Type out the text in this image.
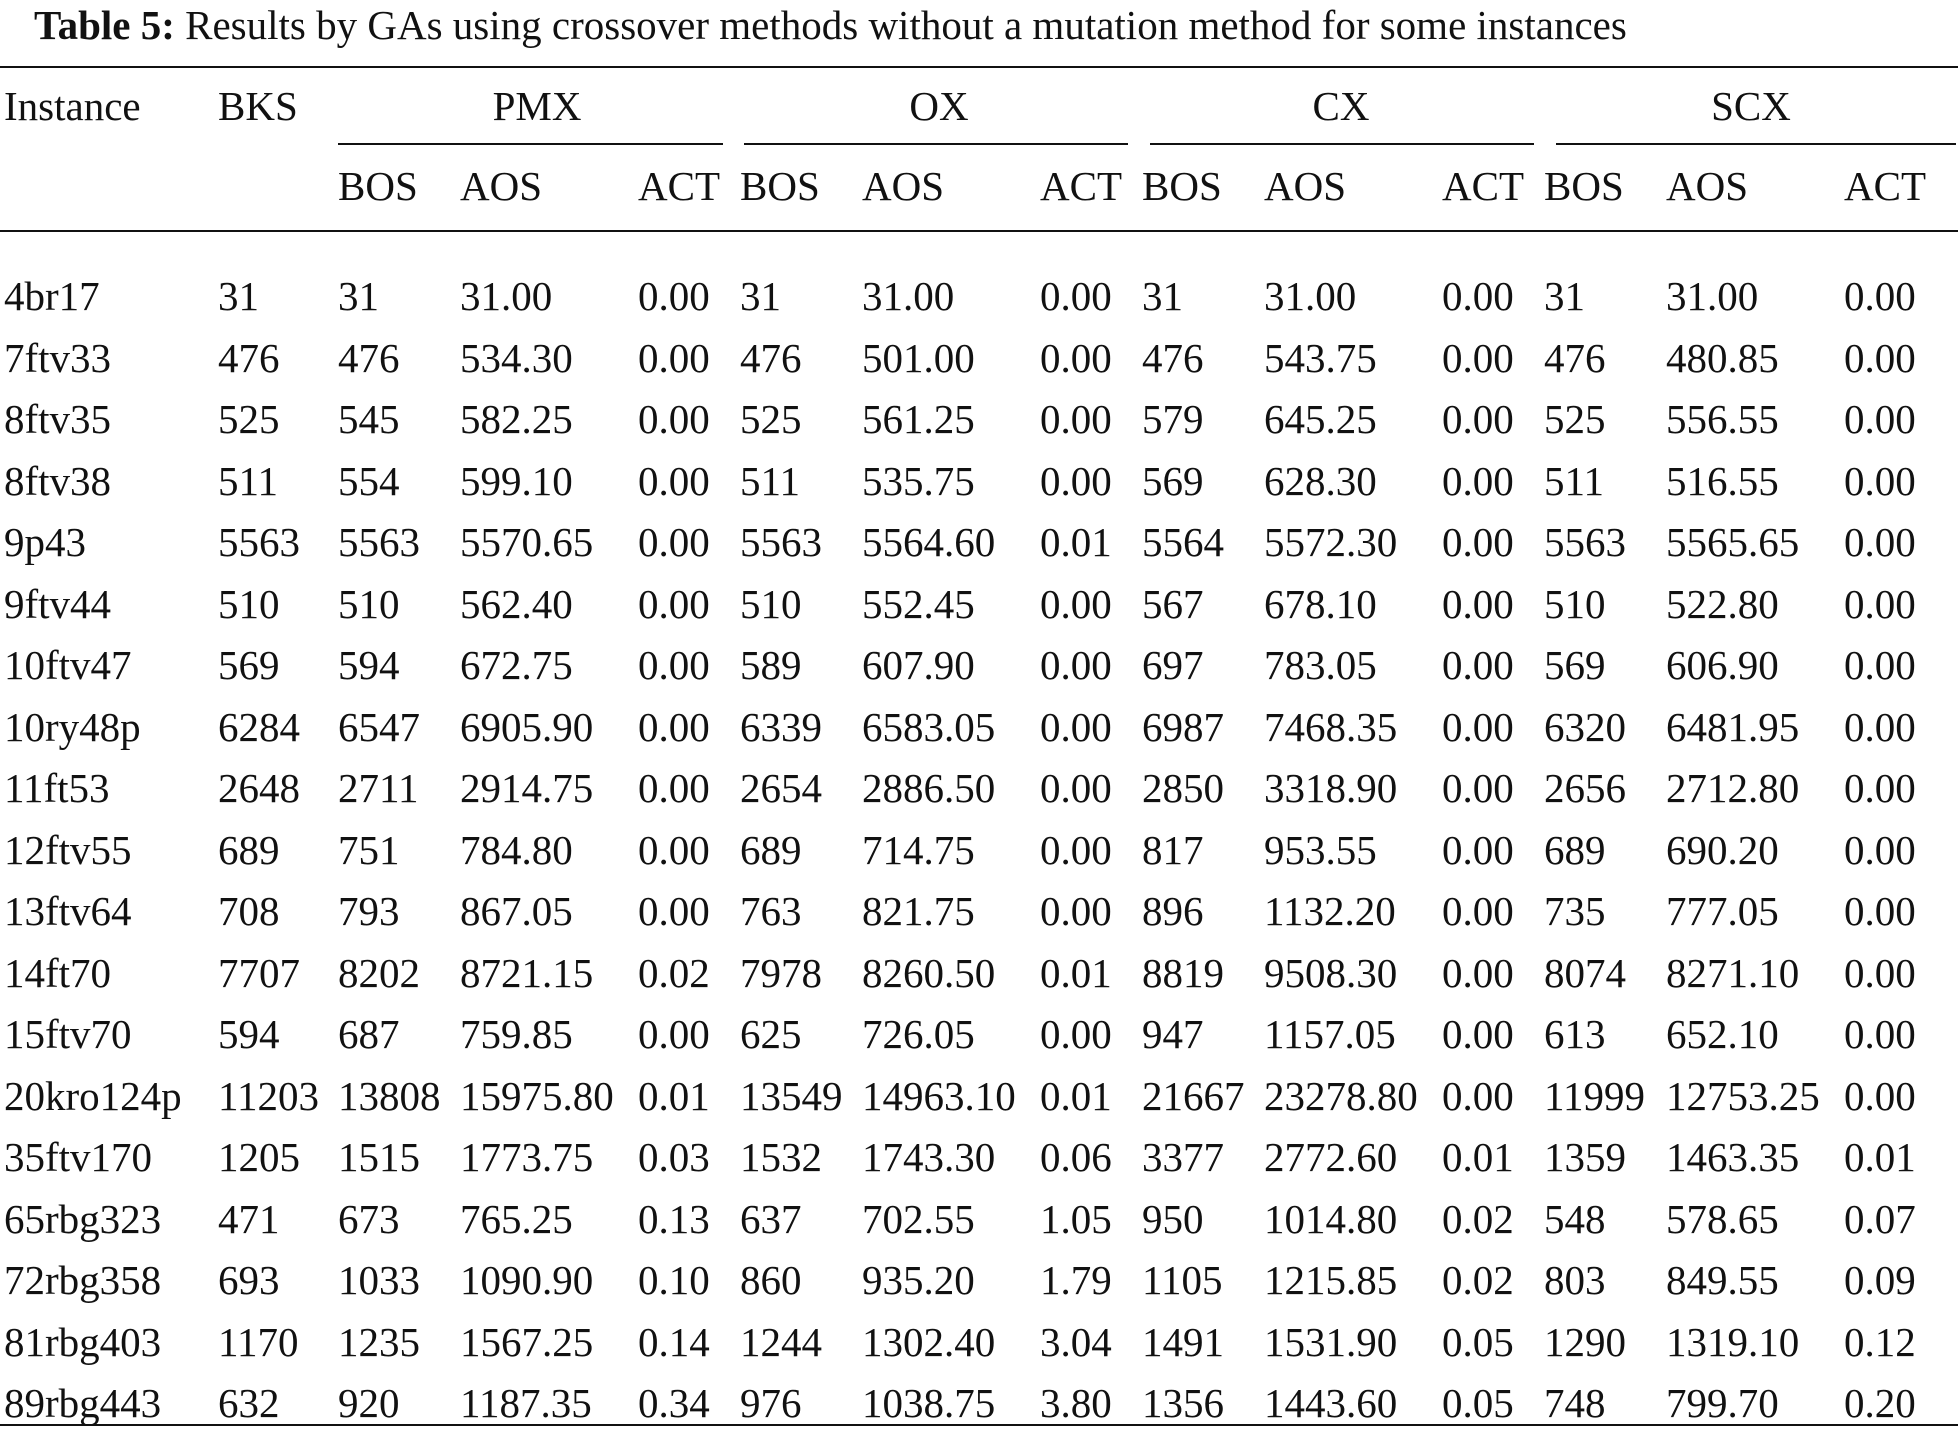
Table 5: Results by GAs using crossover methods without a mutation method for some instances
Instance	BKS	PMX			OX			CX			SCX		
		BOS	AOS	ACT	BOS	AOS	ACT	BOS	AOS	ACT	BOS	AOS	ACT

4br17	31	31	31.00	0.00	31	31.00	0.00	31	31.00	0.00	31	31.00	0.00
7ftv33	476	476	534.30	0.00	476	501.00	0.00	476	543.75	0.00	476	480.85	0.00
8ftv35	525	545	582.25	0.00	525	561.25	0.00	579	645.25	0.00	525	556.55	0.00
8ftv38	511	554	599.10	0.00	511	535.75	0.00	569	628.30	0.00	511	516.55	0.00
9p43	5563	5563	5570.65	0.00	5563	5564.60	0.01	5564	5572.30	0.00	5563	5565.65	0.00
9ftv44	510	510	562.40	0.00	510	552.45	0.00	567	678.10	0.00	510	522.80	0.00
10ftv47	569	594	672.75	0.00	589	607.90	0.00	697	783.05	0.00	569	606.90	0.00
10ry48p	6284	6547	6905.90	0.00	6339	6583.05	0.00	6987	7468.35	0.00	6320	6481.95	0.00
11ft53	2648	2711	2914.75	0.00	2654	2886.50	0.00	2850	3318.90	0.00	2656	2712.80	0.00
12ftv55	689	751	784.80	0.00	689	714.75	0.00	817	953.55	0.00	689	690.20	0.00
13ftv64	708	793	867.05	0.00	763	821.75	0.00	896	1132.20	0.00	735	777.05	0.00
14ft70	7707	8202	8721.15	0.02	7978	8260.50	0.01	8819	9508.30	0.00	8074	8271.10	0.00
15ftv70	594	687	759.85	0.00	625	726.05	0.00	947	1157.05	0.00	613	652.10	0.00
20kro124p	11203	13808	15975.80	0.01	13549	14963.10	0.01	21667	23278.80	0.00	11999	12753.25	0.00
35ftv170	1205	1515	1773.75	0.03	1532	1743.30	0.06	3377	2772.60	0.01	1359	1463.35	0.01
65rbg323	471	673	765.25	0.13	637	702.55	1.05	950	1014.80	0.02	548	578.65	0.07
72rbg358	693	1033	1090.90	0.10	860	935.20	1.79	1105	1215.85	0.02	803	849.55	0.09
81rbg403	1170	1235	1567.25	0.14	1244	1302.40	3.04	1491	1531.90	0.05	1290	1319.10	0.12
89rbg443	632	920	1187.35	0.34	976	1038.75	3.80	1356	1443.60	0.05	748	799.70	0.20
